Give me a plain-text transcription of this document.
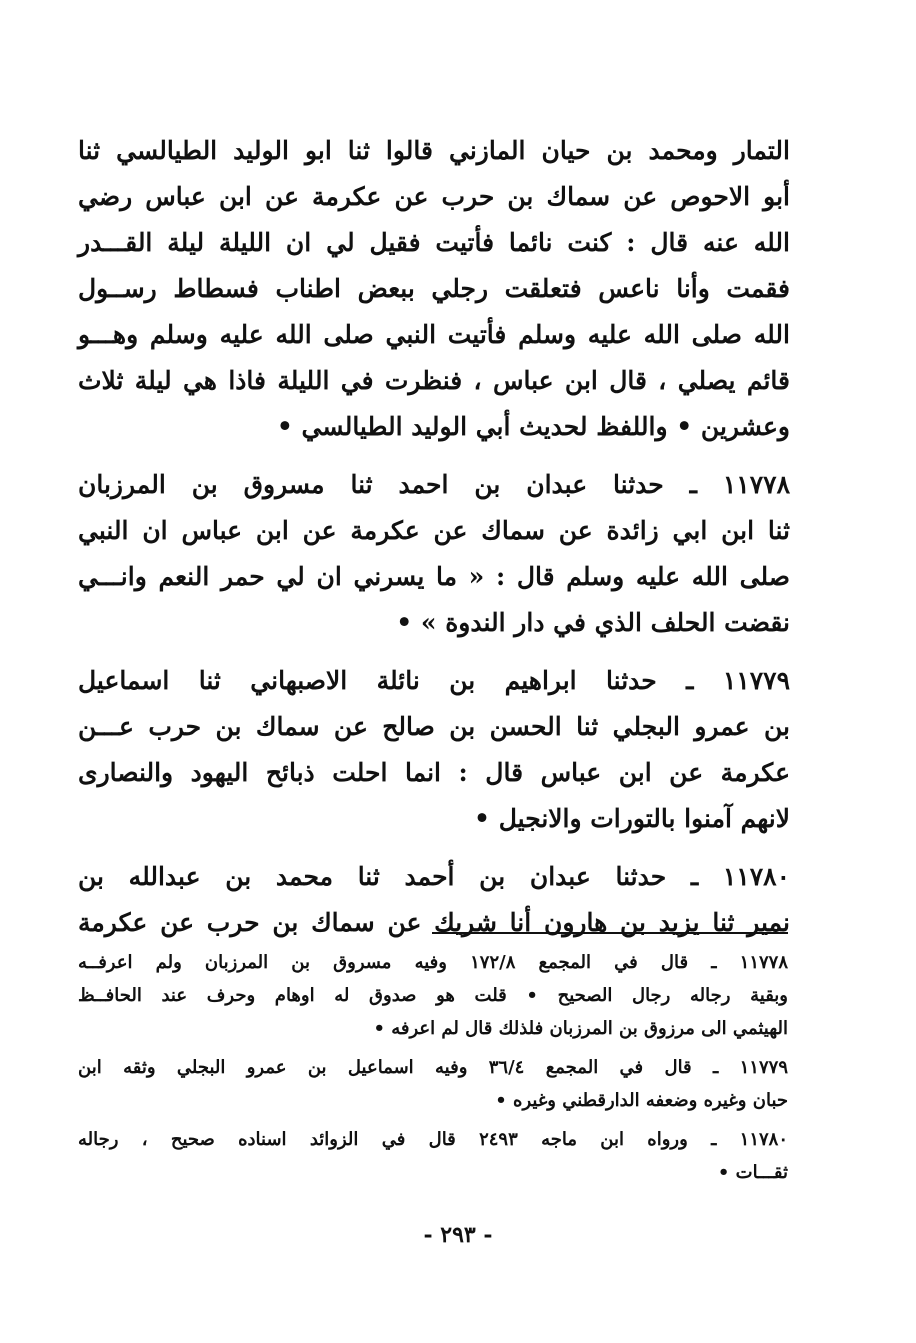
التمار ومحمد بن حيان المازني قالوا ثنا ابو الوليد الطيالسي ثنا
أبو الاحوص عن سماك بن حرب عن عكرمة عن ابن عباس رضي
الله عنه قال : كنت نائما فأتيت فقيل لي ان الليلة ليلة القـــدر
فقمت وأنا ناعس فتعلقت رجلي ببعض اطناب فسطاط رســول
الله صلى الله عليه وسلم فأتيت النبي صلى الله عليه وسلم وهـــو
قائم يصلي ، قال ابن عباس ، فنظرت في الليلة فاذا هي ليلة ثلاث
وعشرين • واللفظ لحديث أبي الوليد الطيالسي •
١١٧٧٨ ـ حدثنا عبدان بن احمد ثنا مسروق بن المرزبان
ثنا ابن ابي زائدة عن سماك عن عكرمة عن ابن عباس ان النبي
صلى الله عليه وسلم قال : « ما يسرني ان لي حمر النعم وانـــي
نقضت الحلف الذي في دار الندوة » •
١١٧٧٩ ـ حدثنا ابراهيم بن نائلة الاصبهاني ثنا اسماعيل
بن عمرو البجلي ثنا الحسن بن صالح عن سماك بن حرب عـــن
عكرمة عن ابن عباس قال : انما احلت ذبائح اليهود والنصارى
لانهم آمنوا بالتورات والانجيل •
١١٧٨٠ ـ حدثنا عبدان بن أحمد ثنا محمد بن عبدالله بن
نمير ثنا يزيد بن هارون أنا شريك عن سماك بن حرب عن عكرمة
١١٧٧٨ ـ قال في المجمع ١٧٢/٨ وفيه مسروق بن المرزبان ولم اعرفــه
وبقية رجاله رجال الصحيح • قلت هو صدوق له اوهام وحرف عند الحافــظ
الهيثمي الى مرزوق بن المرزبان فلذلك قال لم اعرفه •
١١٧٧٩ ـ قال في المجمع ٣٦/٤ وفيه اسماعيل بن عمرو البجلي وثقه ابن
حبان وغيره وضعفه الدارقطني وغيره •
١١٧٨٠ ـ ورواه ابن ماجه ٢٤٩٣ قال في الزوائد اسناده صحيح ، رجاله
ثقـــات •
- ٢٩٣ -
